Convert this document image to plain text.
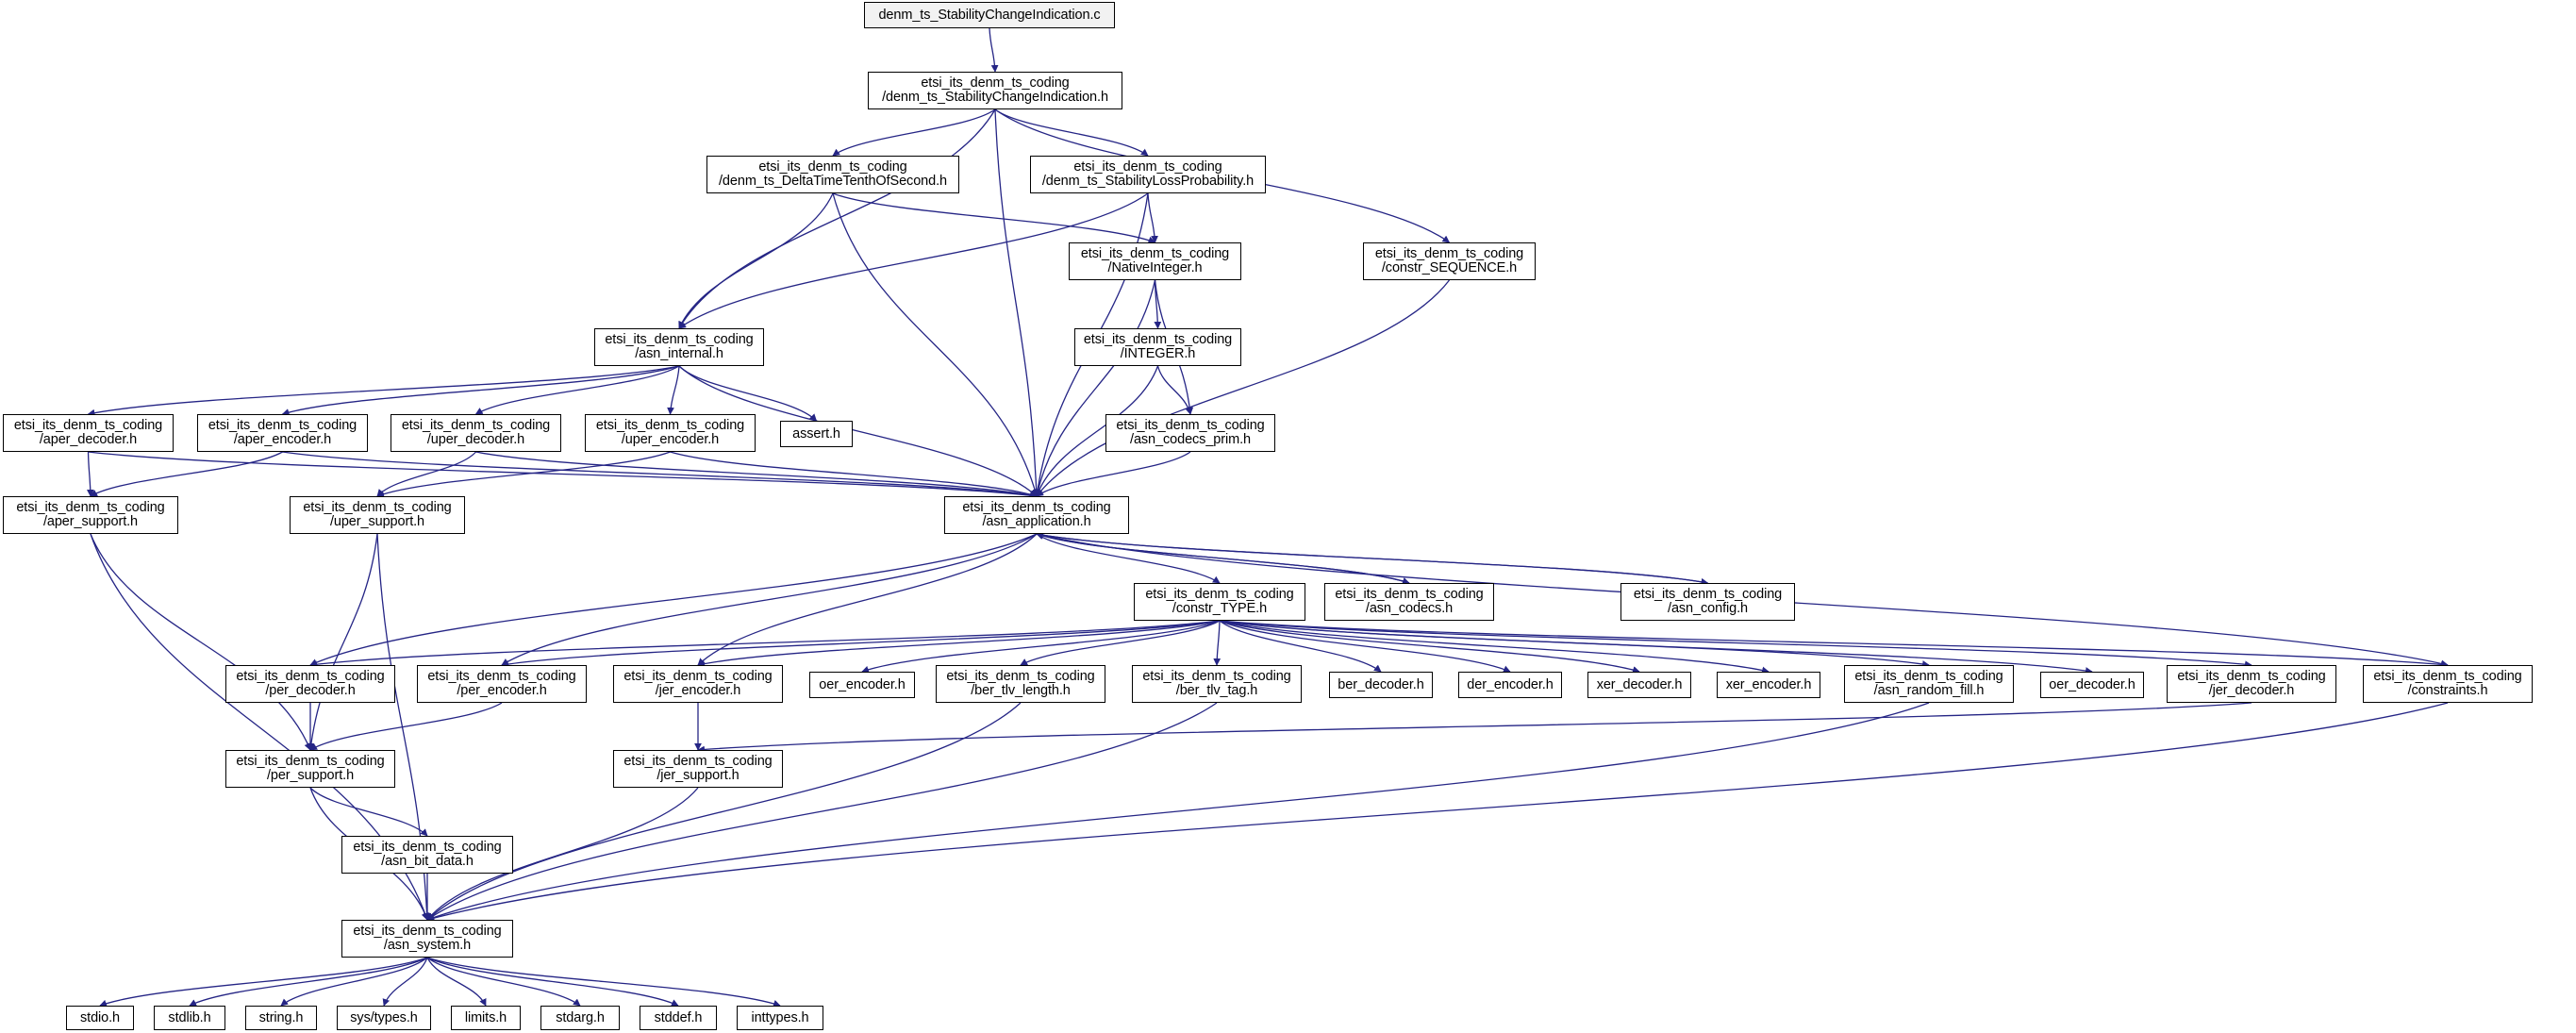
denm_ts_StabilityChangeIndication.c
etsi_its_denm_ts_coding
/denm_ts_StabilityChangeIndication.h
etsi_its_denm_ts_coding
/denm_ts_DeltaTimeTenthOfSecond.h
etsi_its_denm_ts_coding
/denm_ts_StabilityLossProbability.h
etsi_its_denm_ts_coding
/NativeInteger.h
etsi_its_denm_ts_coding
/constr_SEQUENCE.h
etsi_its_denm_ts_coding
/INTEGER.h
etsi_its_denm_ts_coding
/asn_internal.h
etsi_its_denm_ts_coding
/aper_decoder.h
etsi_its_denm_ts_coding
/aper_encoder.h
etsi_its_denm_ts_coding
/uper_decoder.h
etsi_its_denm_ts_coding
/uper_encoder.h	assert.h
etsi_its_denm_ts_coding
/asn_codecs_prim.h
etsi_its_denm_ts_coding
/aper_support.h
etsi_its_denm_ts_coding
/uper_support.h
etsi_its_denm_ts_coding
/asn_application.h
etsi_its_denm_ts_coding
/constr_TYPE.h
etsi_its_denm_ts_coding
/asn_codecs.h
etsi_its_denm_ts_coding
/asn_config.h
etsi_its_denm_ts_coding
/per_decoder.h
etsi_its_denm_ts_coding
/per_encoder.h
etsi_its_denm_ts_coding
/jer_encoder.h	oer_encoder.h
etsi_its_denm_ts_coding
/ber_tlv_length.h
etsi_its_denm_ts_coding
/ber_tlv_tag.h	ber_decoder.h	der_encoder.h	xer_decoder.h	xer_encoder.h
etsi_its_denm_ts_coding
/asn_random_fill.h	oer_decoder.h
etsi_its_denm_ts_coding
/jer_decoder.h
etsi_its_denm_ts_coding
/constraints.h
etsi_its_denm_ts_coding
/per_support.h
etsi_its_denm_ts_coding
/jer_support.h
etsi_its_denm_ts_coding
/asn_bit_data.h
etsi_its_denm_ts_coding
/asn_system.h
stdio.h	stdlib.h	string.h	sys/types.h	limits.h	stdarg.h	stddef.h	inttypes.h
